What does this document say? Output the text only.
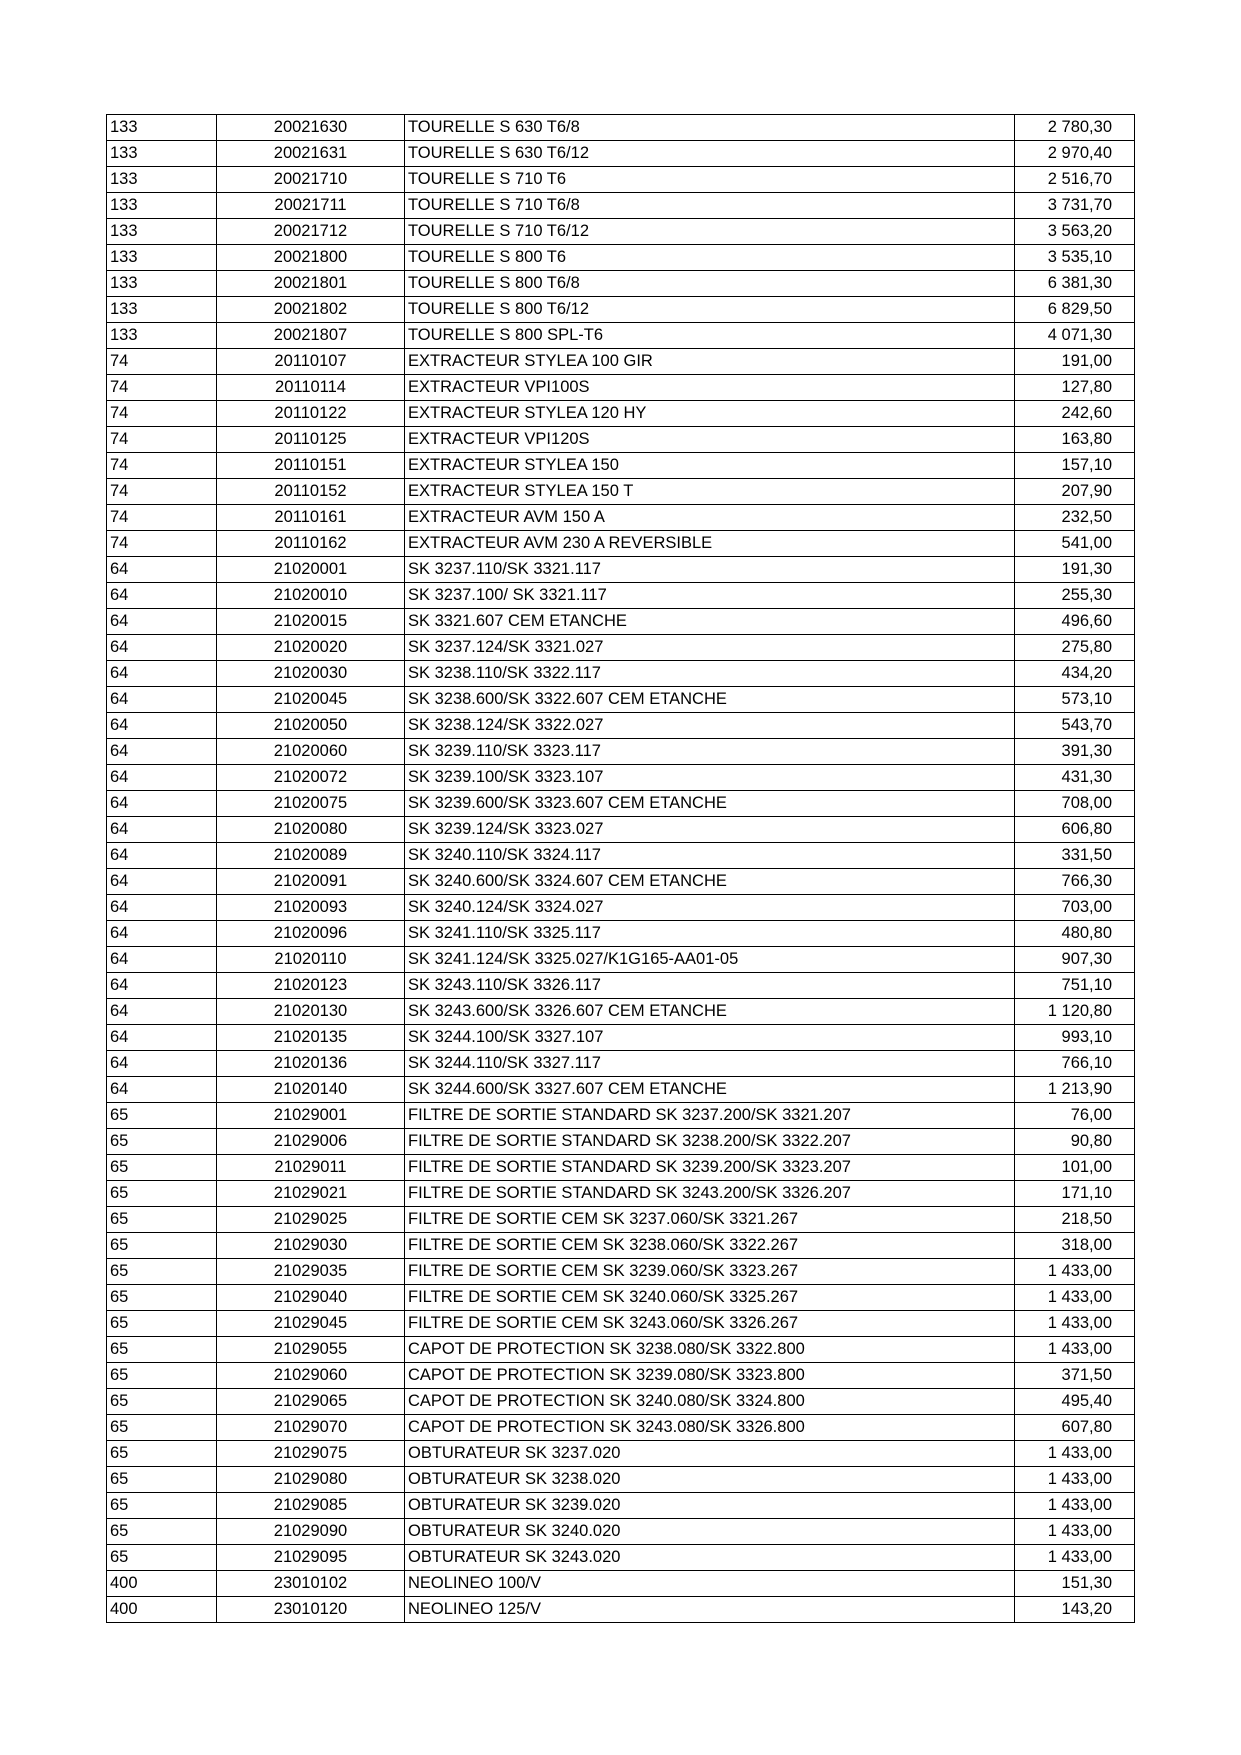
133	20021630	TOURELLE S 630 T6/8	2 780,30
133	20021631	TOURELLE S 630 T6/12	2 970,40
133	20021710	TOURELLE S 710 T6	2 516,70
133	20021711	TOURELLE S 710 T6/8	3 731,70
133	20021712	TOURELLE S 710 T6/12	3 563,20
133	20021800	TOURELLE S 800 T6	3 535,10
133	20021801	TOURELLE S 800 T6/8	6 381,30
133	20021802	TOURELLE S 800 T6/12	6 829,50
133	20021807	TOURELLE S 800 SPL-T6	4 071,30
74	20110107	EXTRACTEUR STYLEA 100 GIR	191,00
74	20110114	EXTRACTEUR VPI100S	127,80
74	20110122	EXTRACTEUR STYLEA 120 HY	242,60
74	20110125	EXTRACTEUR VPI120S	163,80
74	20110151	EXTRACTEUR STYLEA 150	157,10
74	20110152	EXTRACTEUR STYLEA 150 T	207,90
74	20110161	EXTRACTEUR AVM 150 A	232,50
74	20110162	EXTRACTEUR AVM 230 A REVERSIBLE	541,00
64	21020001	SK 3237.110/SK 3321.117	191,30
64	21020010	SK 3237.100/ SK 3321.117	255,30
64	21020015	SK 3321.607 CEM ETANCHE	496,60
64	21020020	SK 3237.124/SK 3321.027	275,80
64	21020030	SK 3238.110/SK 3322.117	434,20
64	21020045	SK 3238.600/SK 3322.607 CEM ETANCHE	573,10
64	21020050	SK 3238.124/SK 3322.027	543,70
64	21020060	SK 3239.110/SK 3323.117	391,30
64	21020072	SK 3239.100/SK 3323.107	431,30
64	21020075	SK 3239.600/SK 3323.607 CEM ETANCHE	708,00
64	21020080	SK 3239.124/SK 3323.027	606,80
64	21020089	SK 3240.110/SK 3324.117	331,50
64	21020091	SK 3240.600/SK 3324.607 CEM ETANCHE	766,30
64	21020093	SK 3240.124/SK 3324.027	703,00
64	21020096	SK 3241.110/SK 3325.117	480,80
64	21020110	SK 3241.124/SK 3325.027/K1G165-AA01-05	907,30
64	21020123	SK 3243.110/SK 3326.117	751,10
64	21020130	SK 3243.600/SK 3326.607 CEM ETANCHE	1 120,80
64	21020135	SK 3244.100/SK 3327.107	993,10
64	21020136	SK 3244.110/SK 3327.117	766,10
64	21020140	SK 3244.600/SK 3327.607 CEM ETANCHE	1 213,90
65	21029001	FILTRE DE SORTIE STANDARD SK 3237.200/SK 3321.207	76,00
65	21029006	FILTRE DE SORTIE STANDARD SK 3238.200/SK 3322.207	90,80
65	21029011	FILTRE DE SORTIE STANDARD SK 3239.200/SK 3323.207	101,00
65	21029021	FILTRE DE SORTIE STANDARD SK 3243.200/SK 3326.207	171,10
65	21029025	FILTRE DE SORTIE CEM SK 3237.060/SK 3321.267	218,50
65	21029030	FILTRE DE SORTIE CEM SK 3238.060/SK 3322.267	318,00
65	21029035	FILTRE DE SORTIE CEM SK 3239.060/SK 3323.267	1 433,00
65	21029040	FILTRE DE SORTIE CEM SK 3240.060/SK 3325.267	1 433,00
65	21029045	FILTRE DE SORTIE CEM SK 3243.060/SK 3326.267	1 433,00
65	21029055	CAPOT DE PROTECTION SK 3238.080/SK 3322.800	1 433,00
65	21029060	CAPOT DE PROTECTION SK 3239.080/SK 3323.800	371,50
65	21029065	CAPOT DE PROTECTION SK 3240.080/SK 3324.800	495,40
65	21029070	CAPOT DE PROTECTION SK 3243.080/SK 3326.800	607,80
65	21029075	OBTURATEUR SK 3237.020	1 433,00
65	21029080	OBTURATEUR SK 3238.020	1 433,00
65	21029085	OBTURATEUR SK 3239.020	1 433,00
65	21029090	OBTURATEUR SK 3240.020	1 433,00
65	21029095	OBTURATEUR SK 3243.020	1 433,00
400	23010102	NEOLINEO 100/V	151,30
400	23010120	NEOLINEO 125/V	143,20
